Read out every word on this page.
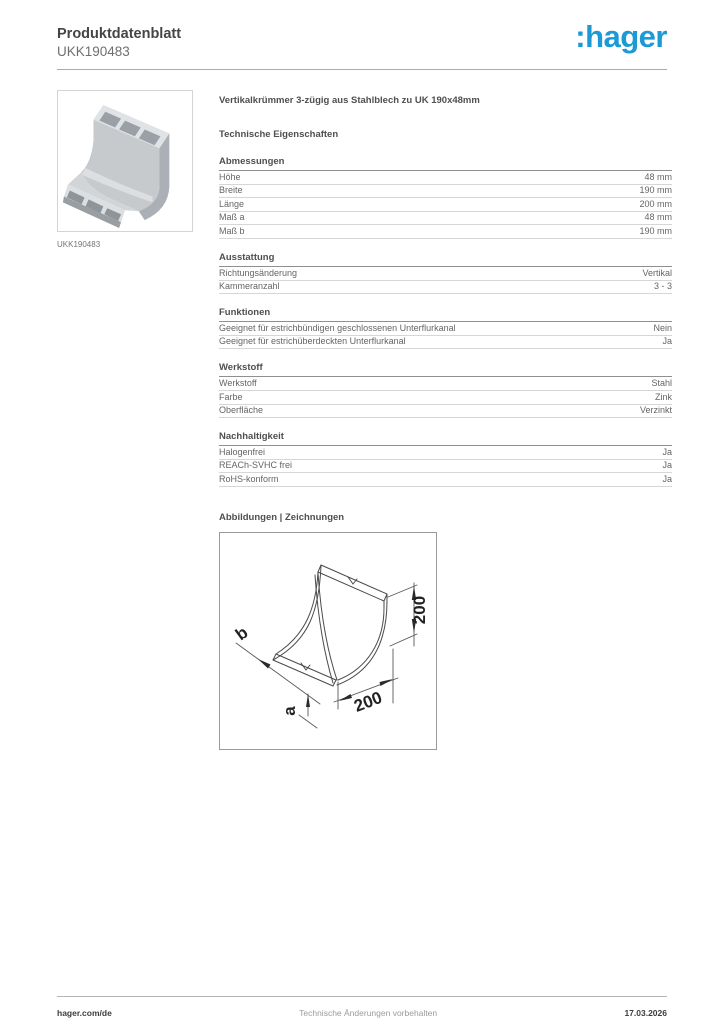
Produktdatenblatt
UKK190483	:hager
UKK190483
Vertikalkrümmer 3-zügig aus Stahlblech zu UK 190x48mm
Technische Eigenschaften
Abmessungen
Höhe	48 mm
Breite	190 mm
Länge	200 mm
Maß a	48 mm
Maß b	190 mm
Ausstattung
Richtungsänderung	Vertikal
Kammeranzahl	3 - 3
Funktionen
Geeignet für estrichbündigen geschlossenen Unterflurkanal	Nein
Geeignet für estrichüberdeckten Unterflurkanal	Ja
Werkstoff
Werkstoff	Stahl
Farbe	Zink
Oberfläche	Verzinkt
Nachhaltigkeit
Halogenfrei	Ja
REACh-SVHC frei	Ja
RoHS-konform	Ja
Abbildungen | Zeichnungen
200
200
b
a
hager.com/de	Technische Änderungen vorbehalten	17.03.2026
